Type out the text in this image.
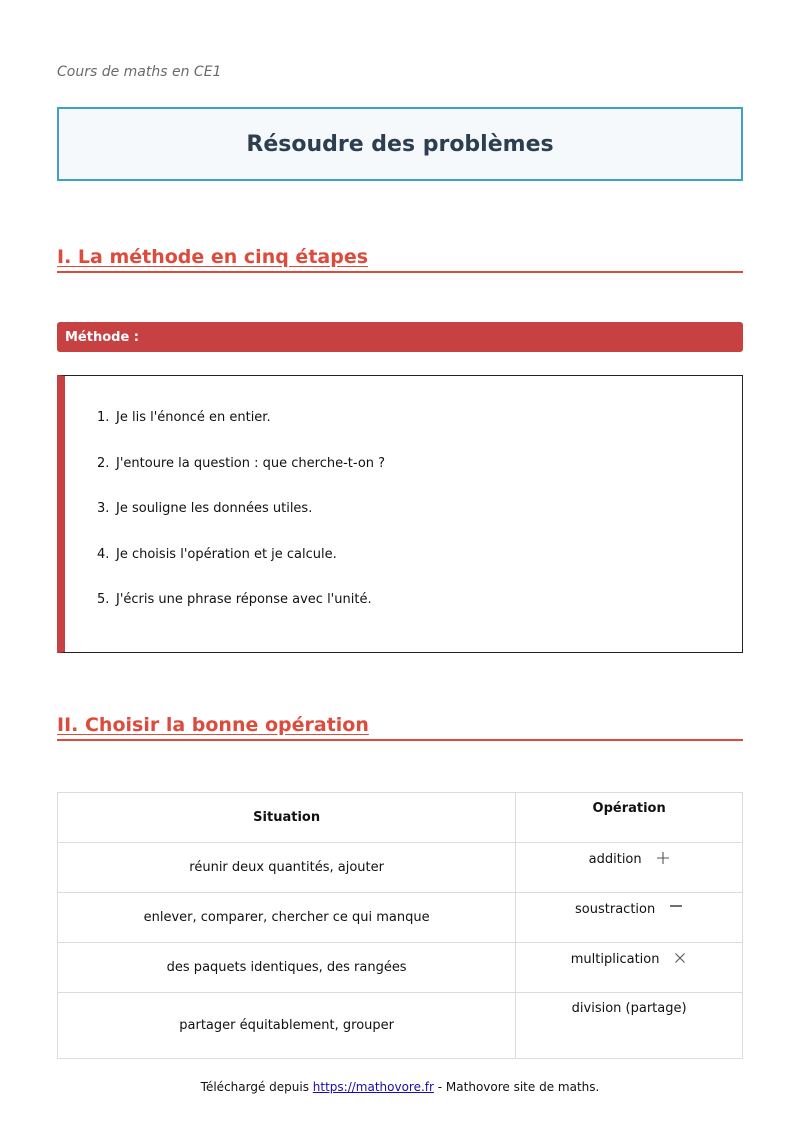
Cours de maths en CE1
Résoudre des problèmes
I. La méthode en cinq étapes
Méthode :
1. Je lis l'énoncé en entier.
2. J'entoure la question : que cherche-t-on ?
3. Je souligne les données utiles.
4. Je choisis l'opération et je calcule.
5. J'écris une phrase réponse avec l'unité.
II. Choisir la bonne opération
Situation	Opération
réunir deux quantités, ajouter	addition
enlever, comparer, chercher ce qui manque	soustraction
des paquets identiques, des rangées	multiplication
partager équitablement, grouper	division (partage)
Téléchargé depuis https://mathovore.fr - Mathovore site de maths.
